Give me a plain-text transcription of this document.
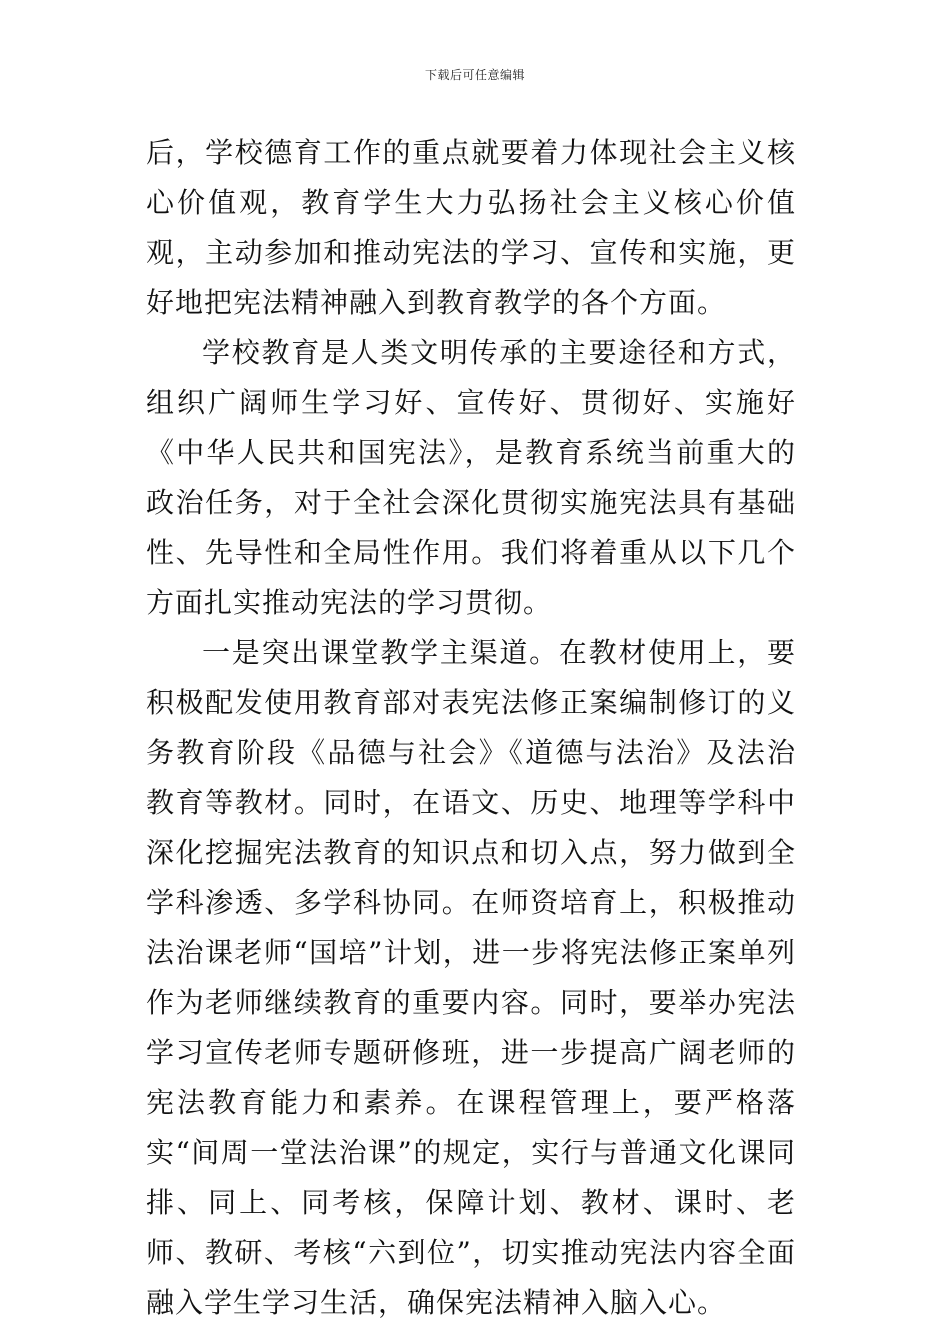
下载后可任意编辑

后，学校德育工作的重点就要着力体现社会主义核心价值观，教育学生大力弘扬社会主义核心价值观，主动参加和推动宪法的学习、宣传和实施，更好地把宪法精神融入到教育教学的各个方面。

学校教育是人类文明传承的主要途径和方式，组织广阔师生学习好、宣传好、贯彻好、实施好《中华人民共和国宪法》，是教育系统当前重大的政治任务，对于全社会深化贯彻实施宪法具有基础性、先导性和全局性作用。我们将着重从以下几个方面扎实推动宪法的学习贯彻。

一是突出课堂教学主渠道。在教材使用上，要积极配发使用教育部对表宪法修正案编制修订的义务教育阶段《品德与社会》《道德与法治》及法治教育等教材。同时，在语文、历史、地理等学科中深化挖掘宪法教育的知识点和切入点，努力做到全学科渗透、多学科协同。在师资培育上，积极推动法治课老师“国培”计划，进一步将宪法修正案单列作为老师继续教育的重要内容。同时，要举办宪法学习宣传老师专题研修班，进一步提高广阔老师的宪法教育能力和素养。在课程管理上，要严格落实“间周一堂法治课”的规定，实行与普通文化课同排、同上、同考核，保障计划、教材、课时、老师、教研、考核“六到位”，切实推动宪法内容全面融入学生学习生活，确保宪法精神入脑入心。
